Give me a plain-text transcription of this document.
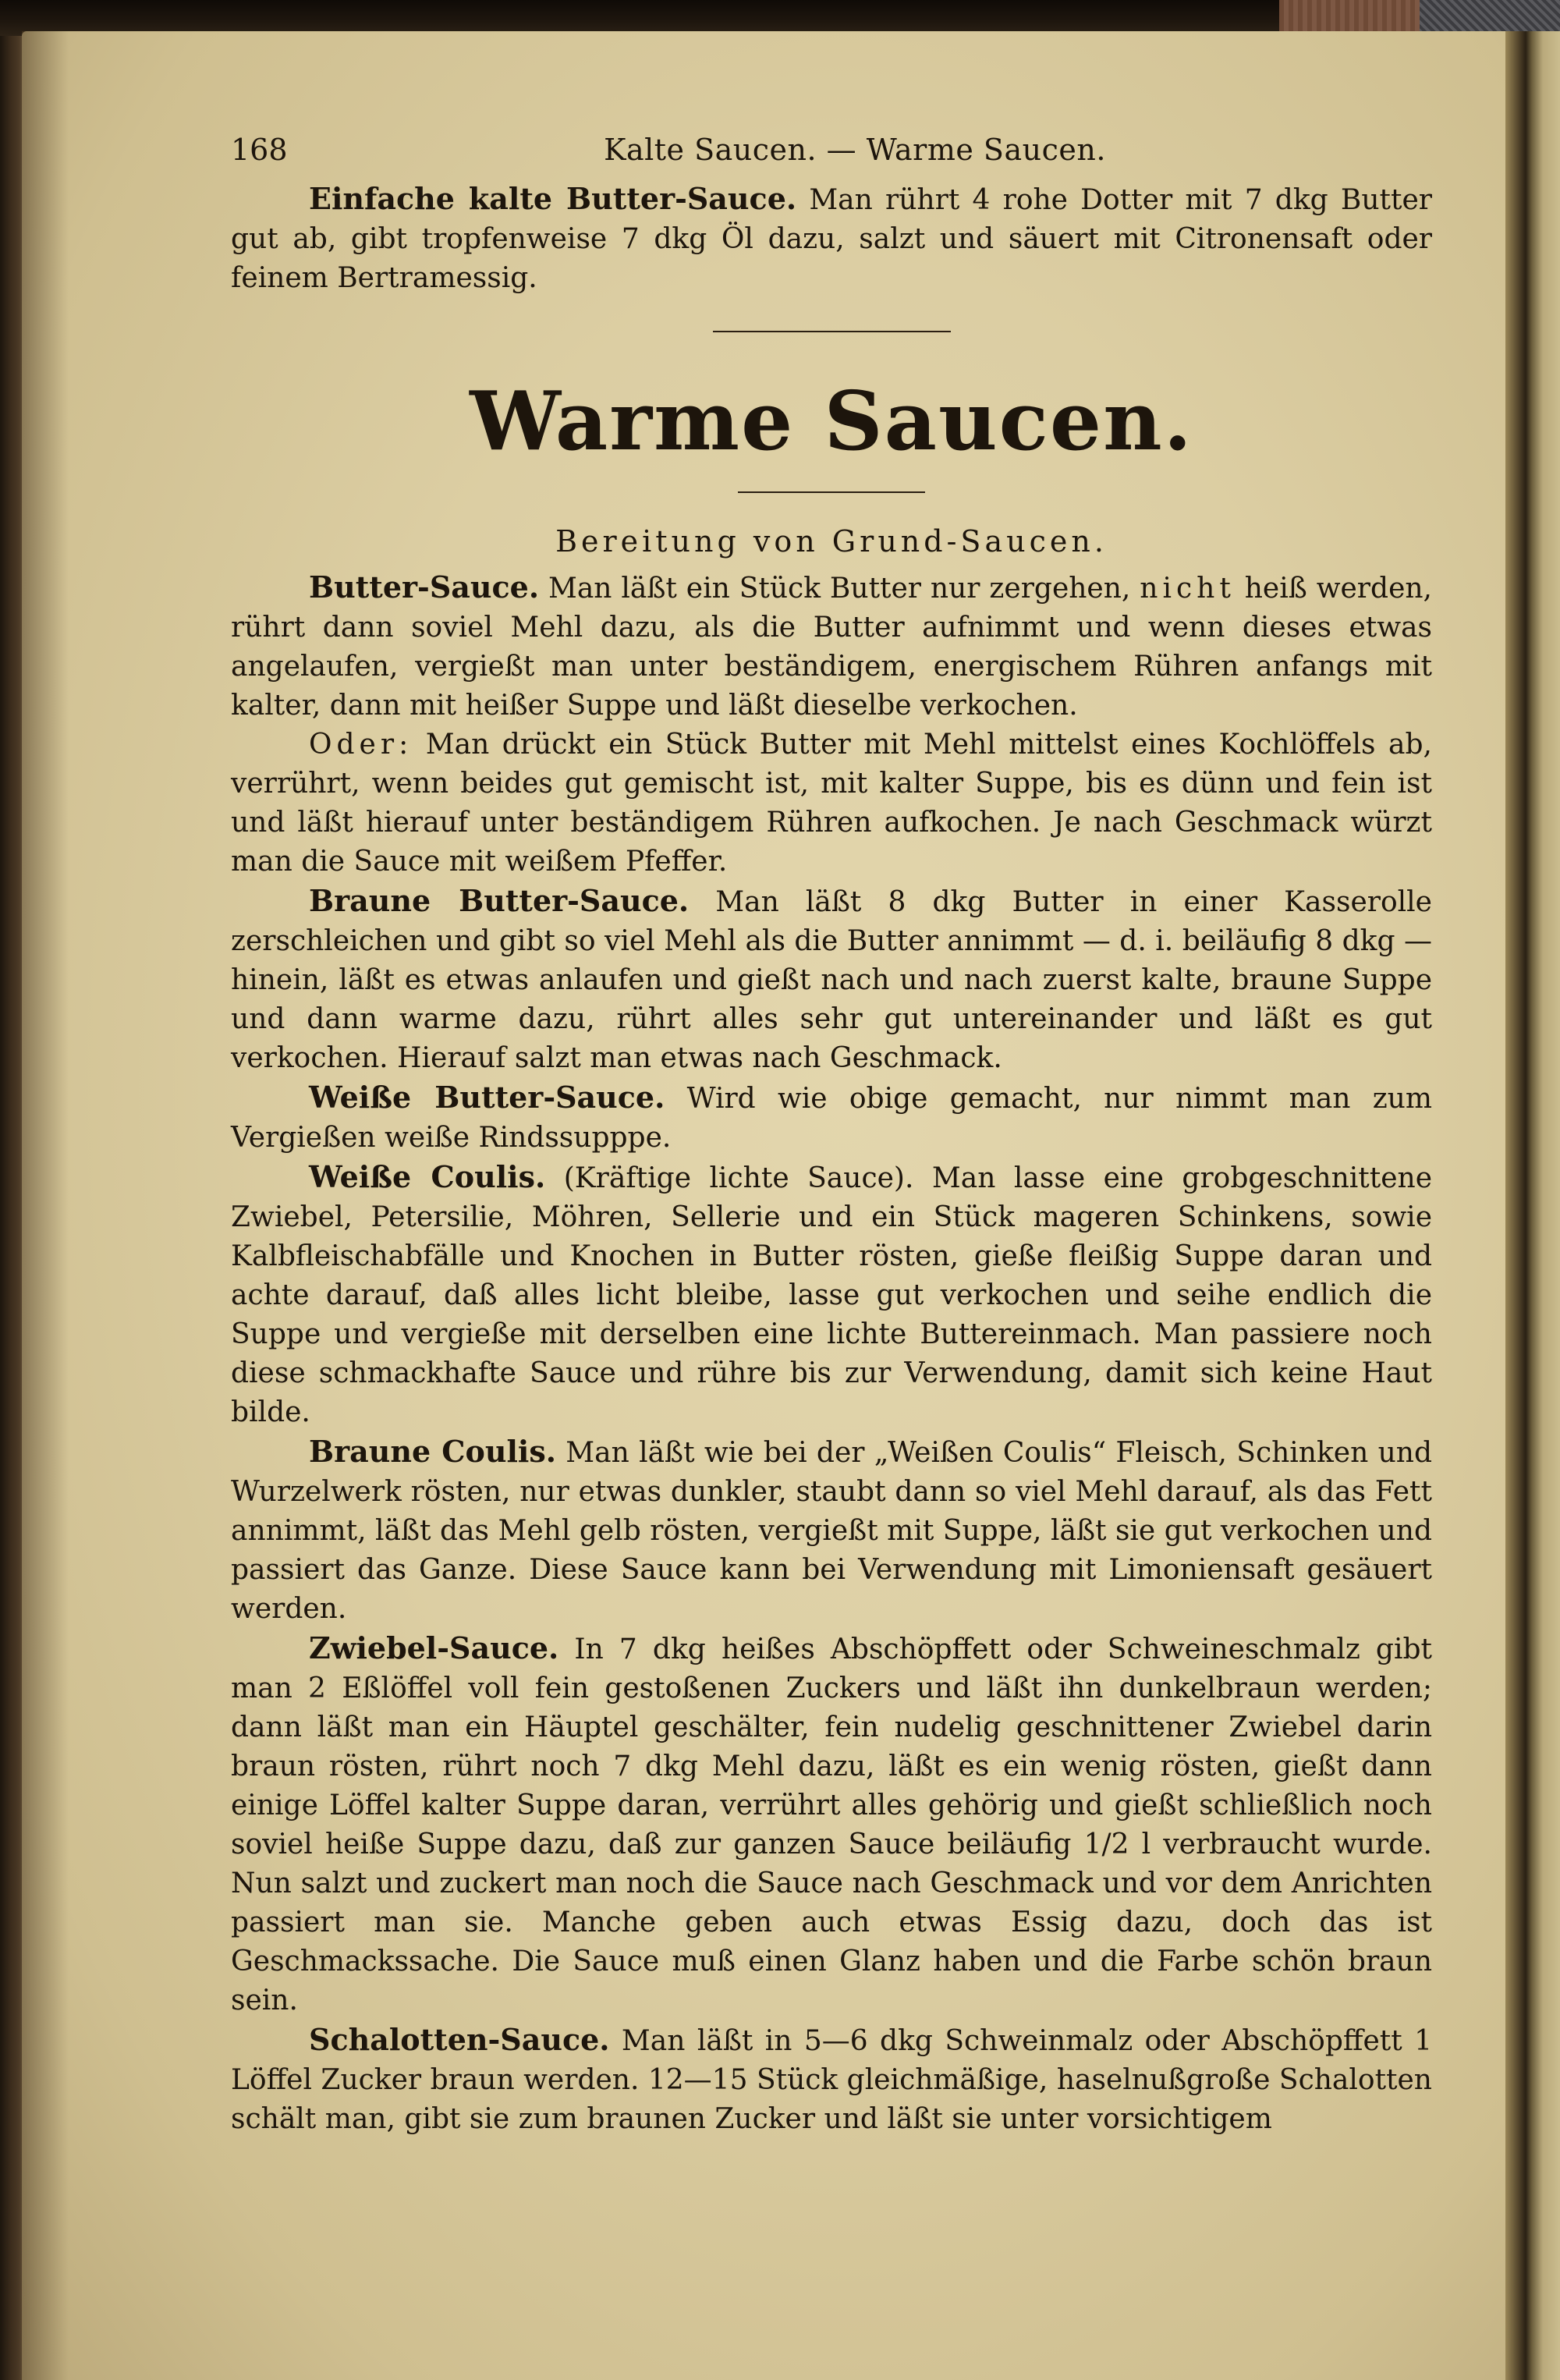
168	Kalte Saucen. — Warme Saucen.

Einfache kalte Butter-Sauce. Man rührt 4 rohe Dotter mit 7 dkg Butter gut ab, gibt tropfenweise 7 dkg Öl dazu, salzt und säuert mit Citronensaft oder feinem Bertramessig.

Warme Saucen.
Bereitung von Grund-Saucen.

Butter-Sauce. Man läßt ein Stück Butter nur zergehen, nicht heiß werden, rührt dann soviel Mehl dazu, als die Butter aufnimmt und wenn dieses etwas angelaufen, vergießt man unter beständigem, energischem Rühren anfangs mit kalter, dann mit heißer Suppe und läßt dieselbe verkochen.

Oder: Man drückt ein Stück Butter mit Mehl mittelst eines Kochlöffels ab, verrührt, wenn beides gut gemischt ist, mit kalter Suppe, bis es dünn und fein ist und läßt hierauf unter beständigem Rühren aufkochen. Je nach Geschmack würzt man die Sauce mit weißem Pfeffer.

Braune Butter-Sauce. Man läßt 8 dkg Butter in einer Kasserolle zerschleichen und gibt so viel Mehl als die Butter annimmt — d. i. beiläufig 8 dkg — hinein, läßt es etwas anlaufen und gießt nach und nach zuerst kalte, braune Suppe und dann warme dazu, rührt alles sehr gut untereinander und läßt es gut verkochen. Hierauf salzt man etwas nach Geschmack.

Weiße Butter-Sauce. Wird wie obige gemacht, nur nimmt man zum Vergießen weiße Rindssupppe.

Weiße Coulis. (Kräftige lichte Sauce). Man lasse eine grobgeschnittene Zwiebel, Petersilie, Möhren, Sellerie und ein Stück mageren Schinkens, sowie Kalbfleischabfälle und Knochen in Butter rösten, gieße fleißig Suppe daran und achte darauf, daß alles licht bleibe, lasse gut verkochen und seihe endlich die Suppe und vergieße mit derselben eine lichte Buttereinmach. Man passiere noch diese schmackhafte Sauce und rühre bis zur Verwendung, damit sich keine Haut bilde.

Braune Coulis. Man läßt wie bei der „Weißen Coulis“ Fleisch, Schinken und Wurzelwerk rösten, nur etwas dunkler, staubt dann so viel Mehl darauf, als das Fett annimmt, läßt das Mehl gelb rösten, vergießt mit Suppe, läßt sie gut verkochen und passiert das Ganze. Diese Sauce kann bei Verwendung mit Limoniensaft gesäuert werden.

Zwiebel-Sauce. In 7 dkg heißes Abschöpffett oder Schweineschmalz gibt man 2 Eßlöffel voll fein gestoßenen Zuckers und läßt ihn dunkelbraun werden; dann läßt man ein Häuptel geschälter, fein nudelig geschnittener Zwiebel darin braun rösten, rührt noch 7 dkg Mehl dazu, läßt es ein wenig rösten, gießt dann einige Löffel kalter Suppe daran, verrührt alles gehörig und gießt schließlich noch soviel heiße Suppe dazu, daß zur ganzen Sauce beiläufig 1/2 l verbraucht wurde. Nun salzt und zuckert man noch die Sauce nach Geschmack und vor dem Anrichten passiert man sie. Manche geben auch etwas Essig dazu, doch das ist Geschmackssache. Die Sauce muß einen Glanz haben und die Farbe schön braun sein.

Schalotten-Sauce. Man läßt in 5—6 dkg Schweinmalz oder Abschöpffett 1 Löffel Zucker braun werden. 12—15 Stück gleichmäßige, haselnußgroße Schalotten schält man, gibt sie zum braunen Zucker und läßt sie unter vorsichtigem
